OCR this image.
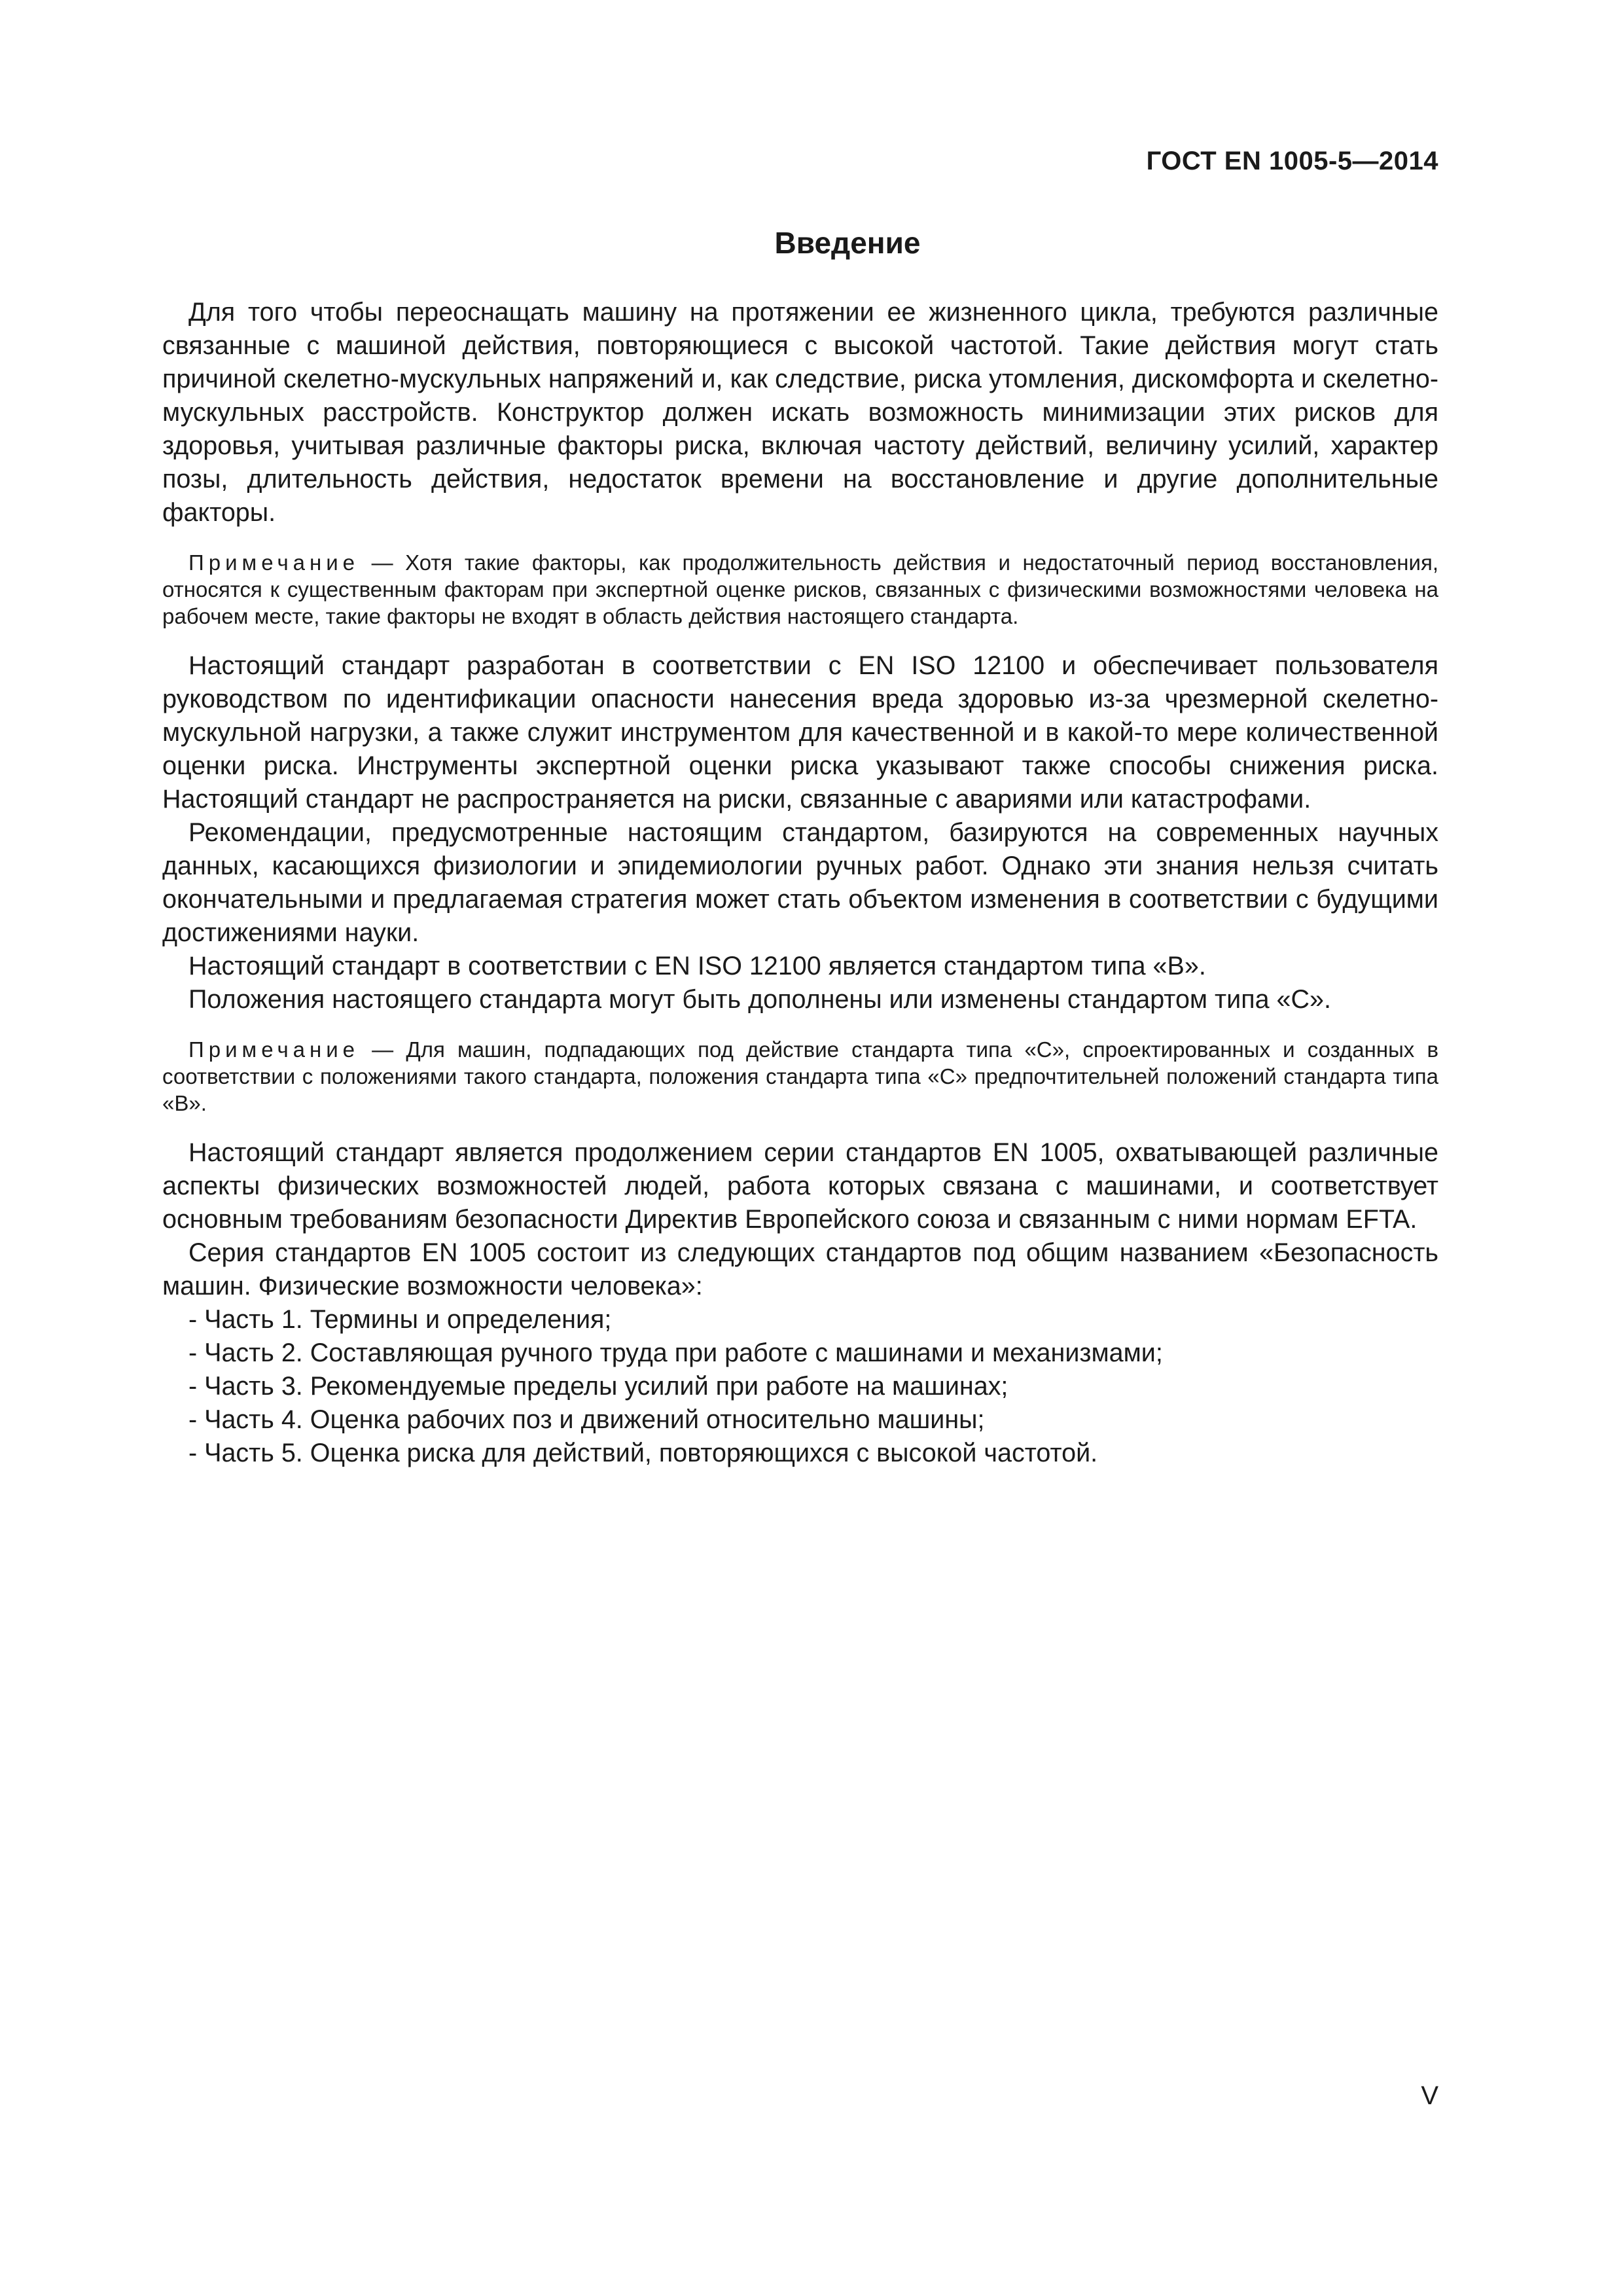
ГОСТ EN 1005-5—2014
Введение

Для того чтобы переоснащать машину на протяжении ее жизненного цикла, требуются различные связанные с машиной действия, повторяющиеся с высокой частотой. Такие действия могут стать причиной скелетно-мускульных напряжений и, как следствие, риска утомления, дискомфорта и скелетно-мускульных расстройств. Конструктор должен искать возможность минимизации этих рисков для здоровья, учитывая различные факторы риска, включая частоту действий, величину усилий, характер позы, длительность действия, недостаток времени на восстановление и другие дополнительные факторы.

Примечание — Хотя такие факторы, как продолжительность действия и недостаточный период восстановления, относятся к существенным факторам при экспертной оценке рисков, связанных с физическими возможностями человека на рабочем месте, такие факторы не входят в область действия настоящего стандарта.

Настоящий стандарт разработан в соответствии с EN ISO 12100 и обеспечивает пользователя руководством по идентификации опасности нанесения вреда здоровью из-за чрезмерной скелетно-мускульной нагрузки, а также служит инструментом для качественной и в какой-то мере количественной оценки риска. Инструменты экспертной оценки риска указывают также способы снижения риска. Настоящий стандарт не распространяется на риски, связанные с авариями или катастрофами.

Рекомендации, предусмотренные настоящим стандартом, базируются на современных научных данных, касающихся физиологии и эпидемиологии ручных работ. Однако эти знания нельзя считать окончательными и предлагаемая стратегия может стать объектом изменения в соответствии с будущими достижениями науки.

Настоящий стандарт в соответствии с EN ISO 12100 является стандартом типа «B».

Положения настоящего стандарта могут быть дополнены или изменены стандартом типа «C».

Примечание — Для машин, подпадающих под действие стандарта типа «C», спроектированных и созданных в соответствии с положениями такого стандарта, положения стандарта типа «C» предпочтительней положений стандарта типа «B».

Настоящий стандарт является продолжением серии стандартов EN 1005, охватывающей различные аспекты физических возможностей людей, работа которых связана с машинами, и соответствует основным требованиям безопасности Директив Европейского союза и связанным с ними нормам EFTA.

Серия стандартов EN 1005 состоит из следующих стандартов под общим названием «Безопасность машин. Физические возможности человека»:

- Часть 1. Термины и определения;
- Часть 2. Составляющая ручного труда при работе с машинами и механизмами;
- Часть 3. Рекомендуемые пределы усилий при работе на машинах;
- Часть 4. Оценка рабочих поз и движений относительно машины;
- Часть 5. Оценка риска для действий, повторяющихся с высокой частотой.
V
